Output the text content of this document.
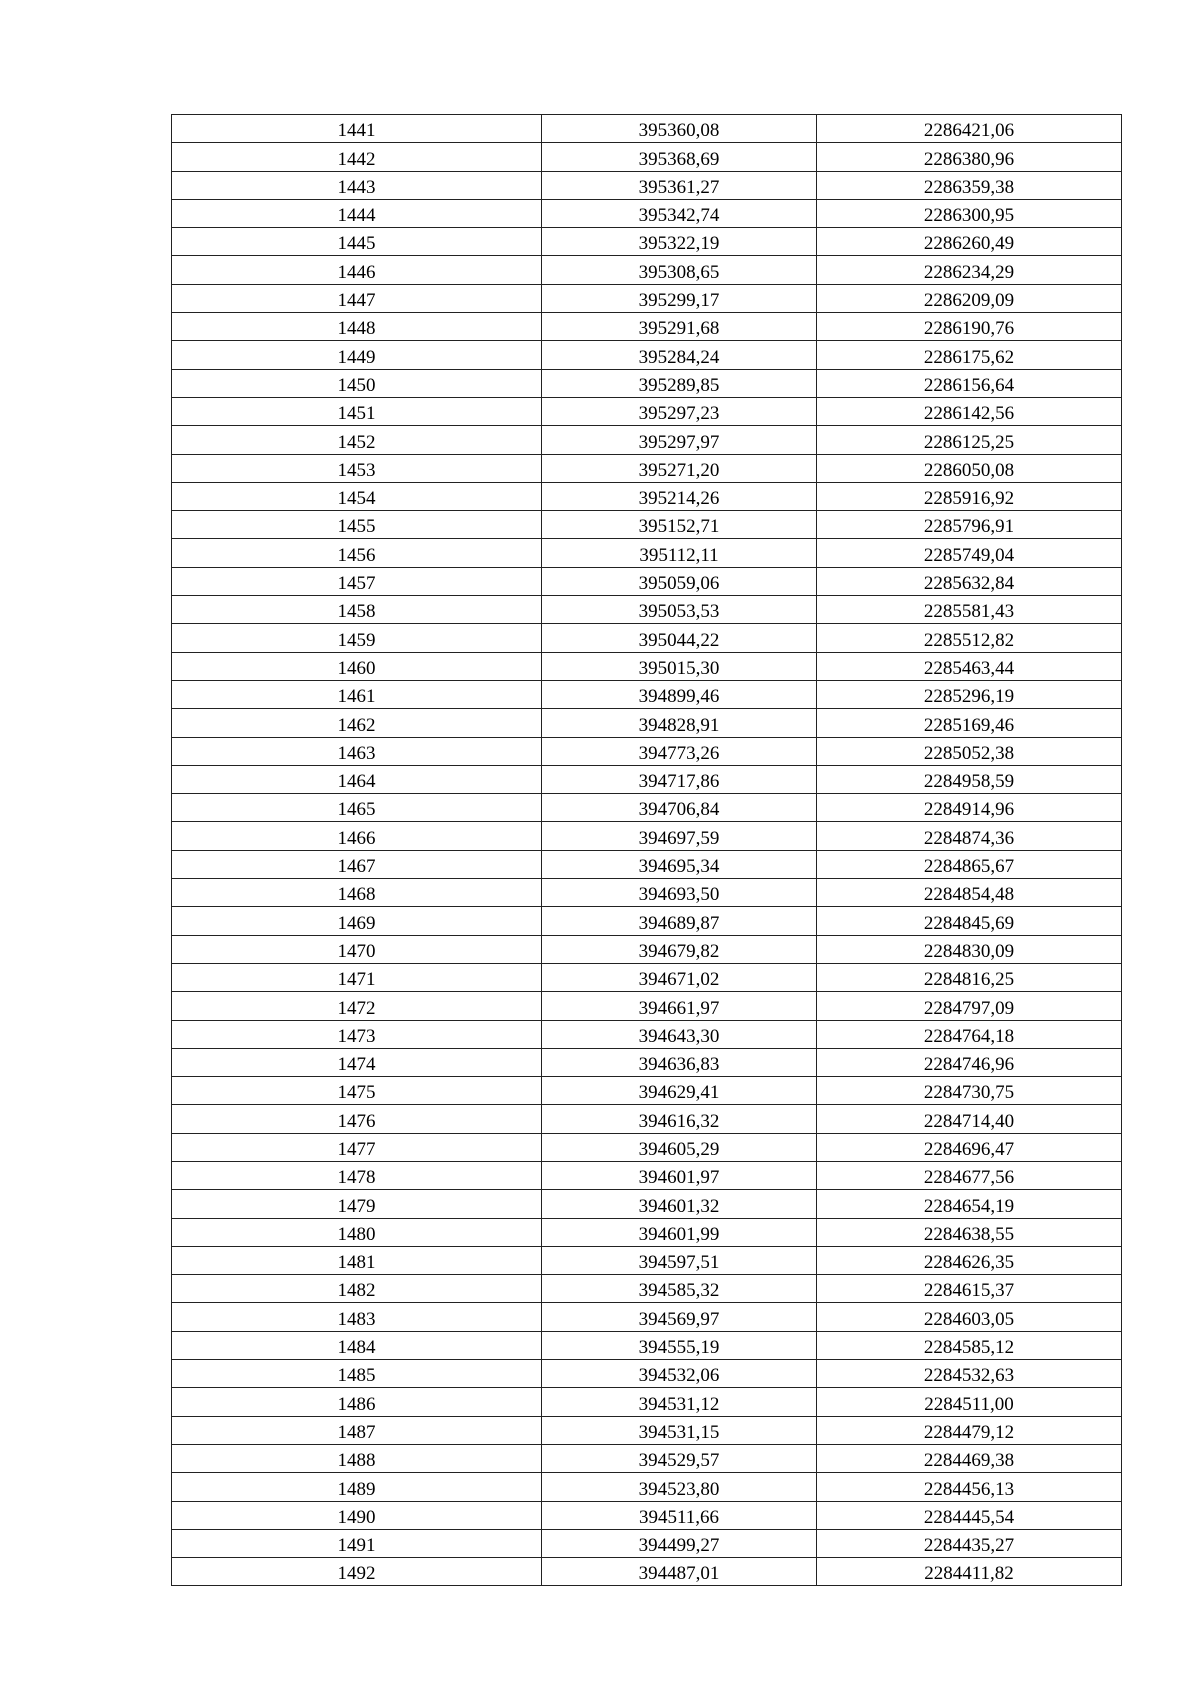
1441	395360,08	2286421,06
1442	395368,69	2286380,96
1443	395361,27	2286359,38
1444	395342,74	2286300,95
1445	395322,19	2286260,49
1446	395308,65	2286234,29
1447	395299,17	2286209,09
1448	395291,68	2286190,76
1449	395284,24	2286175,62
1450	395289,85	2286156,64
1451	395297,23	2286142,56
1452	395297,97	2286125,25
1453	395271,20	2286050,08
1454	395214,26	2285916,92
1455	395152,71	2285796,91
1456	395112,11	2285749,04
1457	395059,06	2285632,84
1458	395053,53	2285581,43
1459	395044,22	2285512,82
1460	395015,30	2285463,44
1461	394899,46	2285296,19
1462	394828,91	2285169,46
1463	394773,26	2285052,38
1464	394717,86	2284958,59
1465	394706,84	2284914,96
1466	394697,59	2284874,36
1467	394695,34	2284865,67
1468	394693,50	2284854,48
1469	394689,87	2284845,69
1470	394679,82	2284830,09
1471	394671,02	2284816,25
1472	394661,97	2284797,09
1473	394643,30	2284764,18
1474	394636,83	2284746,96
1475	394629,41	2284730,75
1476	394616,32	2284714,40
1477	394605,29	2284696,47
1478	394601,97	2284677,56
1479	394601,32	2284654,19
1480	394601,99	2284638,55
1481	394597,51	2284626,35
1482	394585,32	2284615,37
1483	394569,97	2284603,05
1484	394555,19	2284585,12
1485	394532,06	2284532,63
1486	394531,12	2284511,00
1487	394531,15	2284479,12
1488	394529,57	2284469,38
1489	394523,80	2284456,13
1490	394511,66	2284445,54
1491	394499,27	2284435,27
1492	394487,01	2284411,82
